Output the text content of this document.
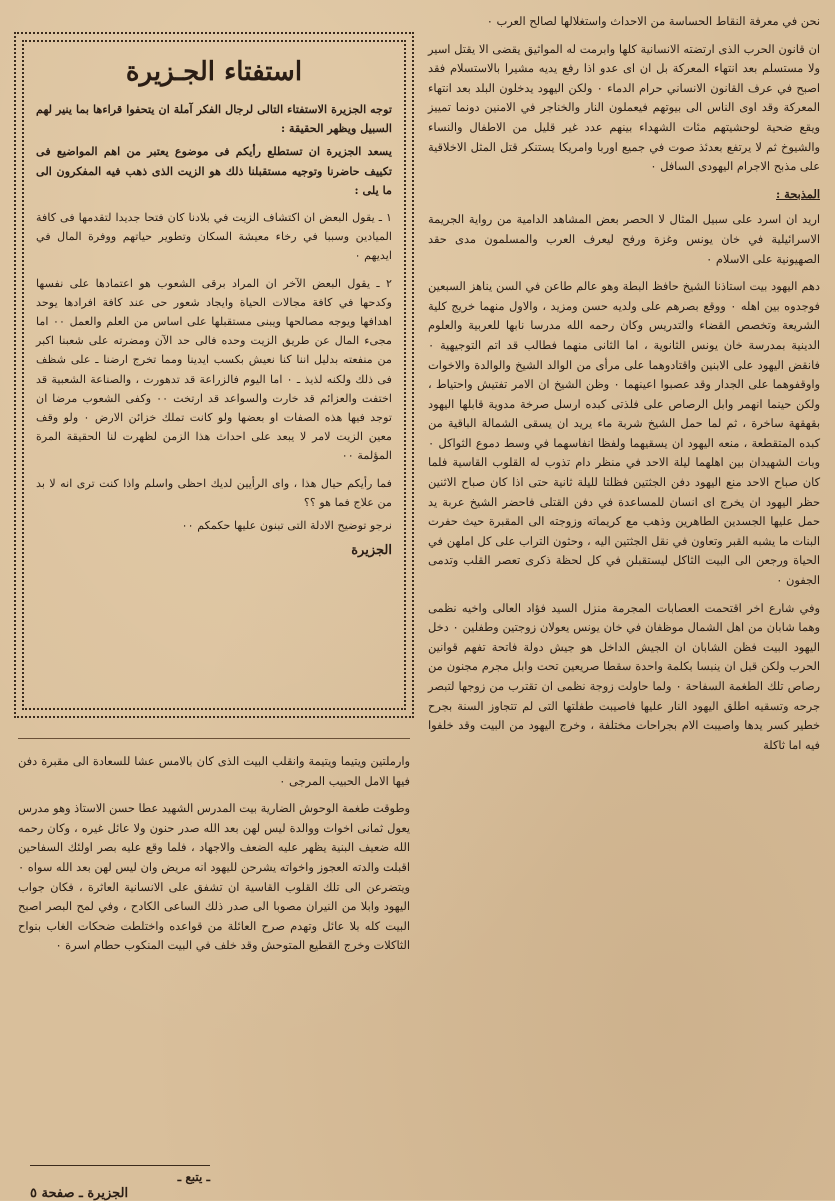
نحن في معرفة النقاط الحساسة من الاحداث واستغلالها لصالح العرب ٠

ان قانون الحرب الذى ارتضته الانسانية كلها وابرمت له المواثيق يقضى الا يقتل اسير ولا مستسلم بعد انتهاء المعركة بل ان اى عدو اذا رفع يديه مشيرا بالاستسلام فقد اصبح في عرف القانون الانساني حرام الدماء ٠ ولكن اليهود يدخلون البلد بعد انتهاء المعركة وقد اوى الناس الى بيوتهم فيعملون النار والخناجر في الامنين دونما تمييز ويقع ضحية لوحشيتهم مئات الشهداء بينهم عدد غير قليل من الاطفال والنساء والشيوخ ثم لا يرتفع بعدئذ صوت في جميع اوربا وامريكا يستنكر قتل المثل الاخلاقية على مذبح الاجرام اليهودى السافل ٠

المذبحة :

اريد ان اسرد على سبيل المثال لا الحصر بعض المشاهد الدامية من رواية الجريمة الاسرائيلية في خان يونس وغزة ورفح ليعرف العرب والمسلمون مدى حقد الصهيونية على الاسلام ٠

دهم اليهود بيت استاذنا الشيخ حافظ البطة وهو عالم طاعن في السن يناهز السبعين فوجدوه بين اهله ٠ ووقع بصرهم على ولديه حسن ومزيد ، والاول منهما خريج كلية الشريعة وتخصص القضاء والتدريس وكان رحمه الله مدرسا نابها للعربية والعلوم الدينية بمدرسة خان يونس الثانوية ، اما الثانى منهما فطالب قد اتم التوجيهية ٠ فانقض اليهود على الابنين واقتادوهما على مرأى من الوالد الشيخ والوالدة والاخوات واوقفوهما على الجدار وقد عصبوا اعينهما ٠ وظن الشيخ ان الامر تفتيش واحتياط ، ولكن حينما انهمر وابل الرصاص على فلذتى كبده ارسل صرخة مدوية قابلها اليهود بقهقهة ساخرة ، ثم لما حمل الشيخ شربة ماء يريد ان يسقى الشمالة الباقية من كبده المتقطعة ، منعه اليهود ان يسقيهما ولفظا انفاسهما في وسط دموع الثواكل ٠ وبات الشهيدان بين اهلهما ليلة الاحد في منظر دام تذوب له القلوب القاسية فلما كان صباح الاحد منع اليهود دفن الجثتين فظلتا لليلة ثانية حتى اذا كان صباح الاثنين حظر اليهود ان يخرج اى انسان للمساعدة في دفن القتلى فاحضر الشيخ عربة يد حمل عليها الجسدين الطاهرين وذهب مع كريماته وزوجته الى المقبرة حيث حفرت البنات ما يشبه القبر وتعاون في نقل الجثتين اليه ، وحثون التراب على كل املهن في الحياة ورجعن الى البيت الثاكل ليستقبلن في كل لحظة ذكرى تعصر القلب وتدمى الجفون ٠

وفي شارع اخر اقتحمت العصابات المجرمة منزل السيد فؤاد العالى واخيه نظمى وهما شابان من اهل الشمال موظفان في خان يونس يعولان زوجتين وطفلين ٠ دخل اليهود البيت فظن الشابان ان الجيش الداخل هو جيش دولة فاتحة تفهم قوانين الحرب ولكن قبل ان ينبسا بكلمة واحدة سقطا صريعين تحت وابل مجرم مجنون من رصاص تلك الطغمة السفاحة ٠ ولما حاولت زوجة نظمى ان تقترب من زوجها لتبصر جرحه وتسقيه اطلق اليهود النار عليها فاصيبت طفلتها التى لم تتجاوز السنة بجرح خطير كسر يدها واصيبت الام بجراحات مختلفة ، وخرج اليهود من البيت وقد خلفوا فيه اما ثاكلة

استفتاء الجـزيرة

توجه الجزيرة الاستفتاء التالى لرجال الفكر آملة ان يتحفوا قراءها بما ينير لهم السبيل ويظهر الحقيقة :

يسعد الجزيرة ان تستطلع رأيكم فى موضوع يعتبر من اهم المواضيع فى تكييف حاضرنا وتوجيه مستقبلنا ذلك هو الزيت الذى ذهب فيه المفكرون الى ما يلى :

١ ـ يقول البعض ان اكتشاف الزيت في بلادنا كان فتحا جديدا لتقدمها فى كافة الميادين وسببا في رخاء معيشة السكان وتطوير حياتهم ووفرة المال في ايديهم ٠

٢ ـ يقول البعض الآخر ان المراد برقى الشعوب هو اعتمادها على نفسها وكدحها في كافة مجالات الحياة وايجاد شعور حى عند كافة افرادها يوحد اهدافها ويوجه مصالحها ويبنى مستقبلها على اساس من العلم والعمل ٠٠ اما مجىء المال عن طريق الزيت وحده فالى حد الآن ومضرته على شعبنا اكبر من منفعته بدليل اننا كنا نعيش بكسب ايدينا ومما تخرج ارضنا ـ على شظف فى ذلك ولكنه لذيذ ـ ٠ اما اليوم فالزراعة قد تدهورت ، والصناعة الشعبية قد اختفت والعزائم قد خارت والسواعد قد ارتخت ٠٠ وكفى الشعوب مرضا ان توجد فيها هذه الصفات او بعضها ولو كانت تملك خزائن الارض ٠ ولو وقف معين الزيت لامر لا يبعد على احداث هذا الزمن لظهرت لنا الحقيقة المرة المؤلمة ٠٠

فما رأيكم حيال هذا ، واى الرأيين لديك احظى واسلم واذا كنت ترى انه لا بد من علاج فما هو ؟؟

نرجو توضيح الادلة التى تبنون عليها حكمكم ٠٠

الجزيرة

وارملتين ويتيما ويتيمة وانقلب البيت الذى كان بالامس عشا للسعادة الى مقبرة دفن فيها الامل الحبيب المرجى ٠

وطوقت طغمة الوحوش الضارية بيت المدرس الشهيد عطا حسن الاستاذ وهو مدرس يعول ثمانى اخوات ووالدة ليس لهن بعد الله صدر حنون ولا عائل غيره ، وكان رحمه الله ضعيف البنية يظهر عليه الضعف والاجهاد ، فلما وقع عليه بصر اولئك السفاحين اقبلت والدته العجوز واخواته يشرحن لليهود انه مريض وان ليس لهن بعد الله سواه ٠ ويتضرعن الى تلك القلوب القاسية ان تشفق على الانسانية العاثرة ، فكان جواب اليهود وابلا من النيران مصوبا الى صدر ذلك الساعى الكادح ، وفي لمح البصر اصبح البيت كله بلا عائل وتهدم صرح العائلة من قواعده واختلطت ضحكات الغاب بنواح الثاكلات وخرج القطيع المتوحش وقد خلف في البيت المنكوب حطام اسرة ٠

ـ يتبع ـ
الجزيرة ـ صفحة ٥
